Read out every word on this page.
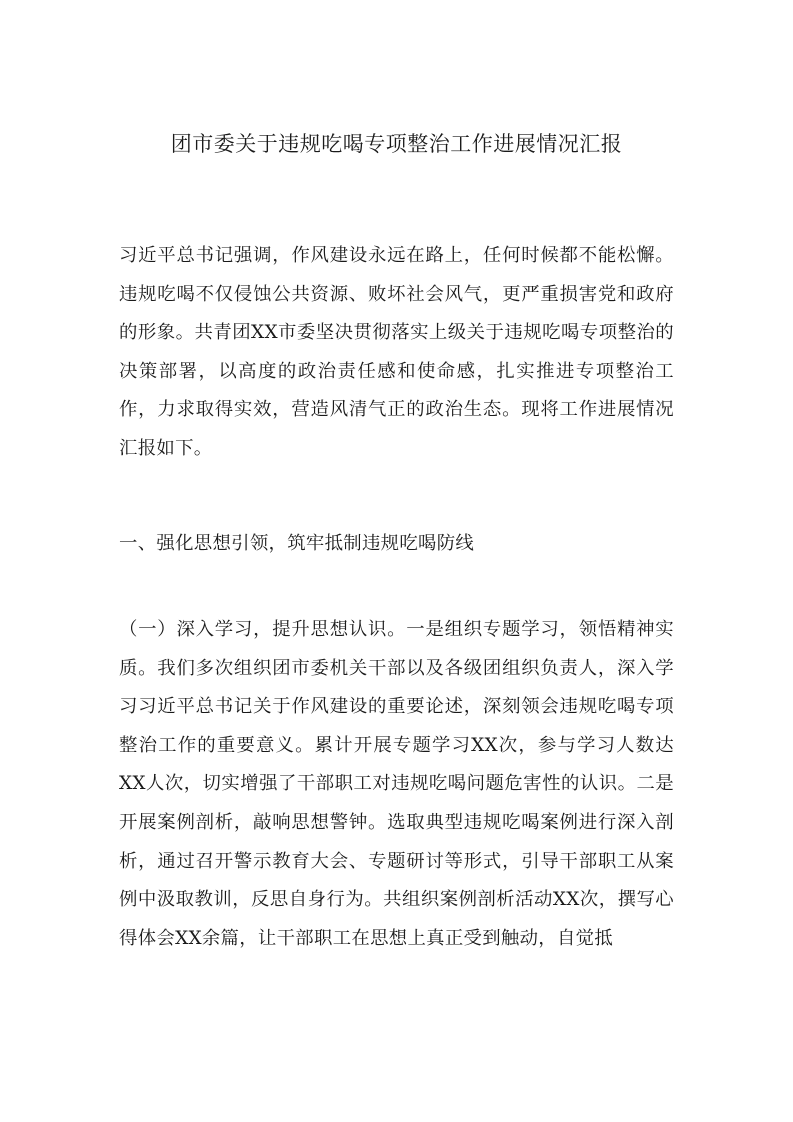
团市委关于违规吃喝专项整治工作进展情况汇报

习近平总书记强调，作风建设永远在路上，任何时候都不能松懈。违规吃喝不仅侵蚀公共资源、败坏社会风气，更严重损害党和政府的形象。共青团XX市委坚决贯彻落实上级关于违规吃喝专项整治的决策部署，以高度的政治责任感和使命感，扎实推进专项整治工作，力求取得实效，营造风清气正的政治生态。现将工作进展情况汇报如下。

一、强化思想引领，筑牢抵制违规吃喝防线

（一）深入学习，提升思想认识。一是组织专题学习，领悟精神实质。我们多次组织团市委机关干部以及各级团组织负责人，深入学习习近平总书记关于作风建设的重要论述，深刻领会违规吃喝专项整治工作的重要意义。累计开展专题学习XX次，参与学习人数达XX人次，切实增强了干部职工对违规吃喝问题危害性的认识。二是开展案例剖析，敲响思想警钟。选取典型违规吃喝案例进行深入剖析，通过召开警示教育大会、专题研讨等形式，引导干部职工从案例中汲取教训，反思自身行为。共组织案例剖析活动XX次，撰写心得体会XX余篇，让干部职工在思想上真正受到触动，自觉抵
